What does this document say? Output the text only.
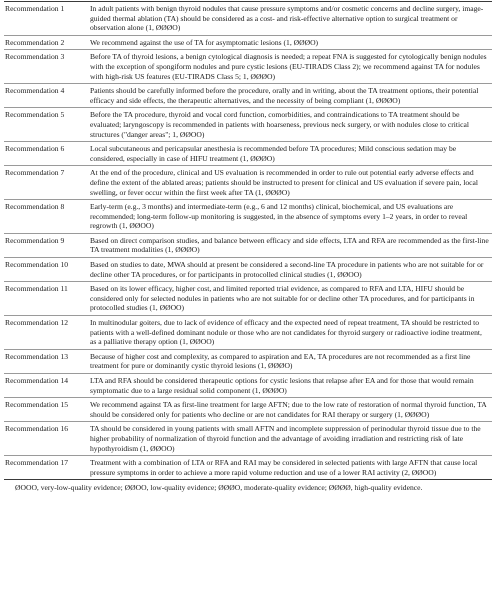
Recommendation 1	In adult patients with benign thyroid nodules that cause pressure symptoms and/or cosmetic concerns and decline surgery, image-guided thermal ablation (TA) should be considered as a cost- and risk-effective alternative option to surgical treatment or observation alone (1, ØØØO)
Recommendation 2	We recommend against the use of TA for asymptomatic lesions (1, ØØØO)
Recommendation 3	Before TA of thyroid lesions, a benign cytological diagnosis is needed; a repeat FNA is suggested for cytologically benign nodules with the exception of spongiform nodules and pure cystic lesions (EU-TIRADS Class 2); we recommend against TA for nodules with high-risk US features (EU-TIRADS Class 5; 1, ØØØO)
Recommendation 4	Patients should be carefully informed before the procedure, orally and in writing, about the TA treatment options, their potential efficacy and side effects, the therapeutic alternatives, and the necessity of being compliant (1, ØØØO)
Recommendation 5	Before the TA procedure, thyroid and vocal cord function, comorbidities, and contraindications to TA treatment should be evaluated; laryngoscopy is recommended in patients with hoarseness, previous neck surgery, or with nodules close to critical structures ("danger areas"; 1, ØØOO)
Recommendation 6	Local subcutaneous and pericapsular anesthesia is recommended before TA procedures; Mild conscious sedation may be considered, especially in case of HIFU treatment (1, ØØØO)
Recommendation 7	At the end of the procedure, clinical and US evaluation is recommended in order to rule out potential early adverse effects and define the extent of the ablated areas; patients should be instructed to present for clinical and US evaluation if severe pain, local swelling, or fever occur within the first week after TA (1, ØØØO)
Recommendation 8	Early-term (e.g., 3 months) and intermediate-term (e.g., 6 and 12 months) clinical, biochemical, and US evaluations are recommended; long-term follow-up monitoring is suggested, in the absence of symptoms every 1–2 years, in order to reveal regrowth (1, ØØOO)
Recommendation 9	Based on direct comparison studies, and balance between efficacy and side effects, LTA and RFA are recommended as the first-line TA treatment modalities (1, ØØØO)
Recommendation 10	Based on studies to date, MWA should at present be considered a second-line TA procedure in patients who are not suitable for or decline other TA procedures, or for participants in protocolled clinical studies (1, ØØOO)
Recommendation 11	Based on its lower efficacy, higher cost, and limited reported trial evidence, as compared to RFA and LTA, HIFU should be considered only for selected nodules in patients who are not suitable for or decline other TA procedures, and for participants in protocolled studies (1, ØØOO)
Recommendation 12	In multinodular goiters, due to lack of evidence of efficacy and the expected need of repeat treatment, TA should be restricted to patients with a well-defined dominant nodule or those who are not candidates for thyroid surgery or radioactive iodine treatment, as a palliative therapy option (1, ØØOO)
Recommendation 13	Because of higher cost and complexity, as compared to aspiration and EA, TA procedures are not recommended as a first line treatment for pure or dominantly cystic thyroid lesions (1, ØØØO)
Recommendation 14	LTA and RFA should be considered therapeutic options for cystic lesions that relapse after EA and for those that would remain symptomatic due to a large residual solid component (1, ØØØO)
Recommendation 15	We recommend against TA as first-line treatment for large AFTN; due to the low rate of restoration of normal thyroid function, TA should be considered only for patients who decline or are not candidates for RAI therapy or surgery (1, ØØØO)
Recommendation 16	TA should be considered in young patients with small AFTN and incomplete suppression of perinodular thyroid tissue due to the higher probability of normalization of thyroid function and the advantage of avoiding irradiation and restricting risk of late hypothyroidism (1, ØØOO)
Recommendation 17	Treatment with a combination of LTA or RFA and RAI may be considered in selected patients with large AFTN that cause local pressure symptoms in order to achieve a more rapid volume reduction and use of a lower RAI activity (2, ØØOO)
ØOOO, very-low-quality evidence; ØØOO, low-quality evidence; ØØØO, moderate-quality evidence; ØØØØ, high-quality evidence.
